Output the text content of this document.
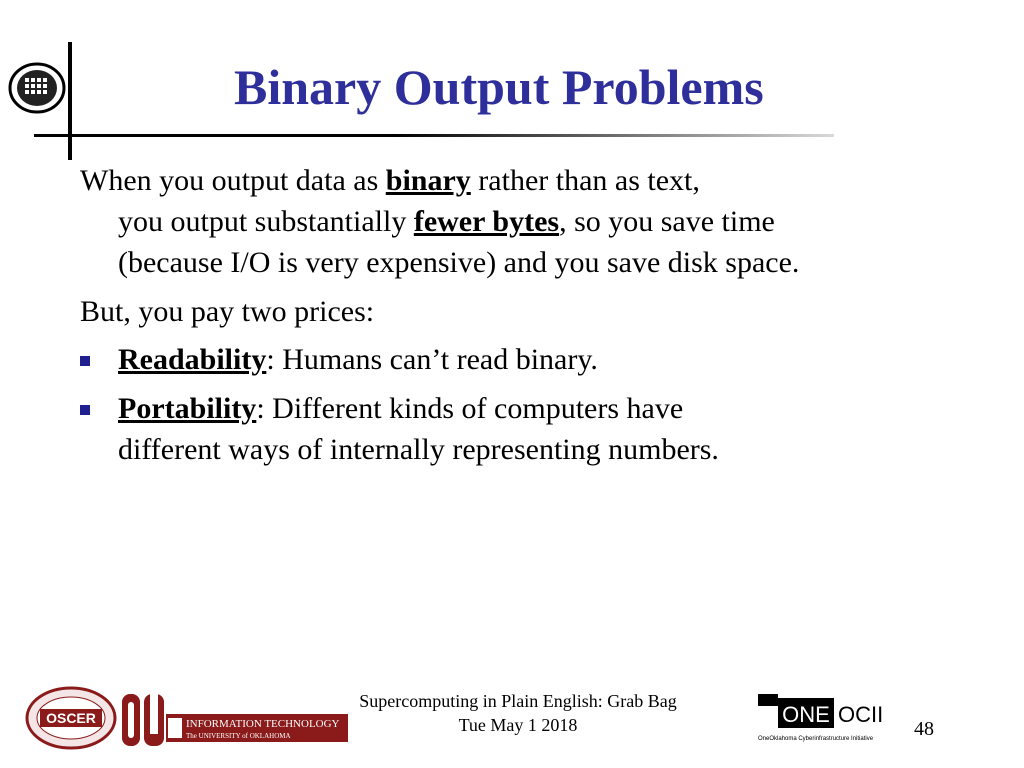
Binary Output Problems
When you output data as binary rather than as text,
you output substantially fewer bytes, so you save time
(because I/O is very expensive) and you save disk space.
But, you pay two prices:
Readability: Humans can’t read binary.
Portability: Different kinds of computers have
different ways of internally representing numbers.
OSCER	INFORMATION TECHNOLOGY
The UNIVERSITY of OKLAHOMA
Supercomputing in Plain English: Grab Bag
Tue May 1 2018	ONE OCII
OneOklahoma Cyberinfrastructure Initiative 48
